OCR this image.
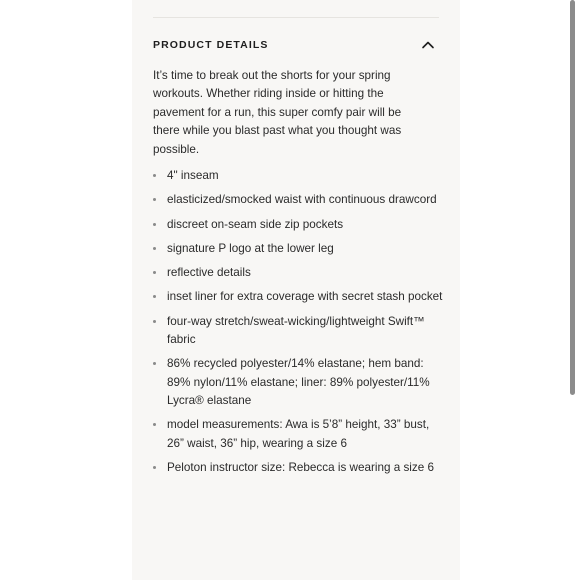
PRODUCT DETAILS

It’s time to break out the shorts for your spring workouts. Whether riding inside or hitting the pavement for a run, this super comfy pair will be there while you blast past what you thought was possible.

4" inseam
elasticized/smocked waist with continuous drawcord
discreet on-seam side zip pockets
signature P logo at the lower leg
reflective details
inset liner for extra coverage with secret stash pocket
four-way stretch/sweat-wicking/lightweight Swift™ fabric
86% recycled polyester/14% elastane; hem band: 89% nylon/11% elastane; liner: 89% polyester/11% Lycra® elastane
model measurements: Awa is 5’8” height, 33” bust, 26” waist, 36” hip, wearing a size 6
Peloton instructor size: Rebecca is wearing a size 6
